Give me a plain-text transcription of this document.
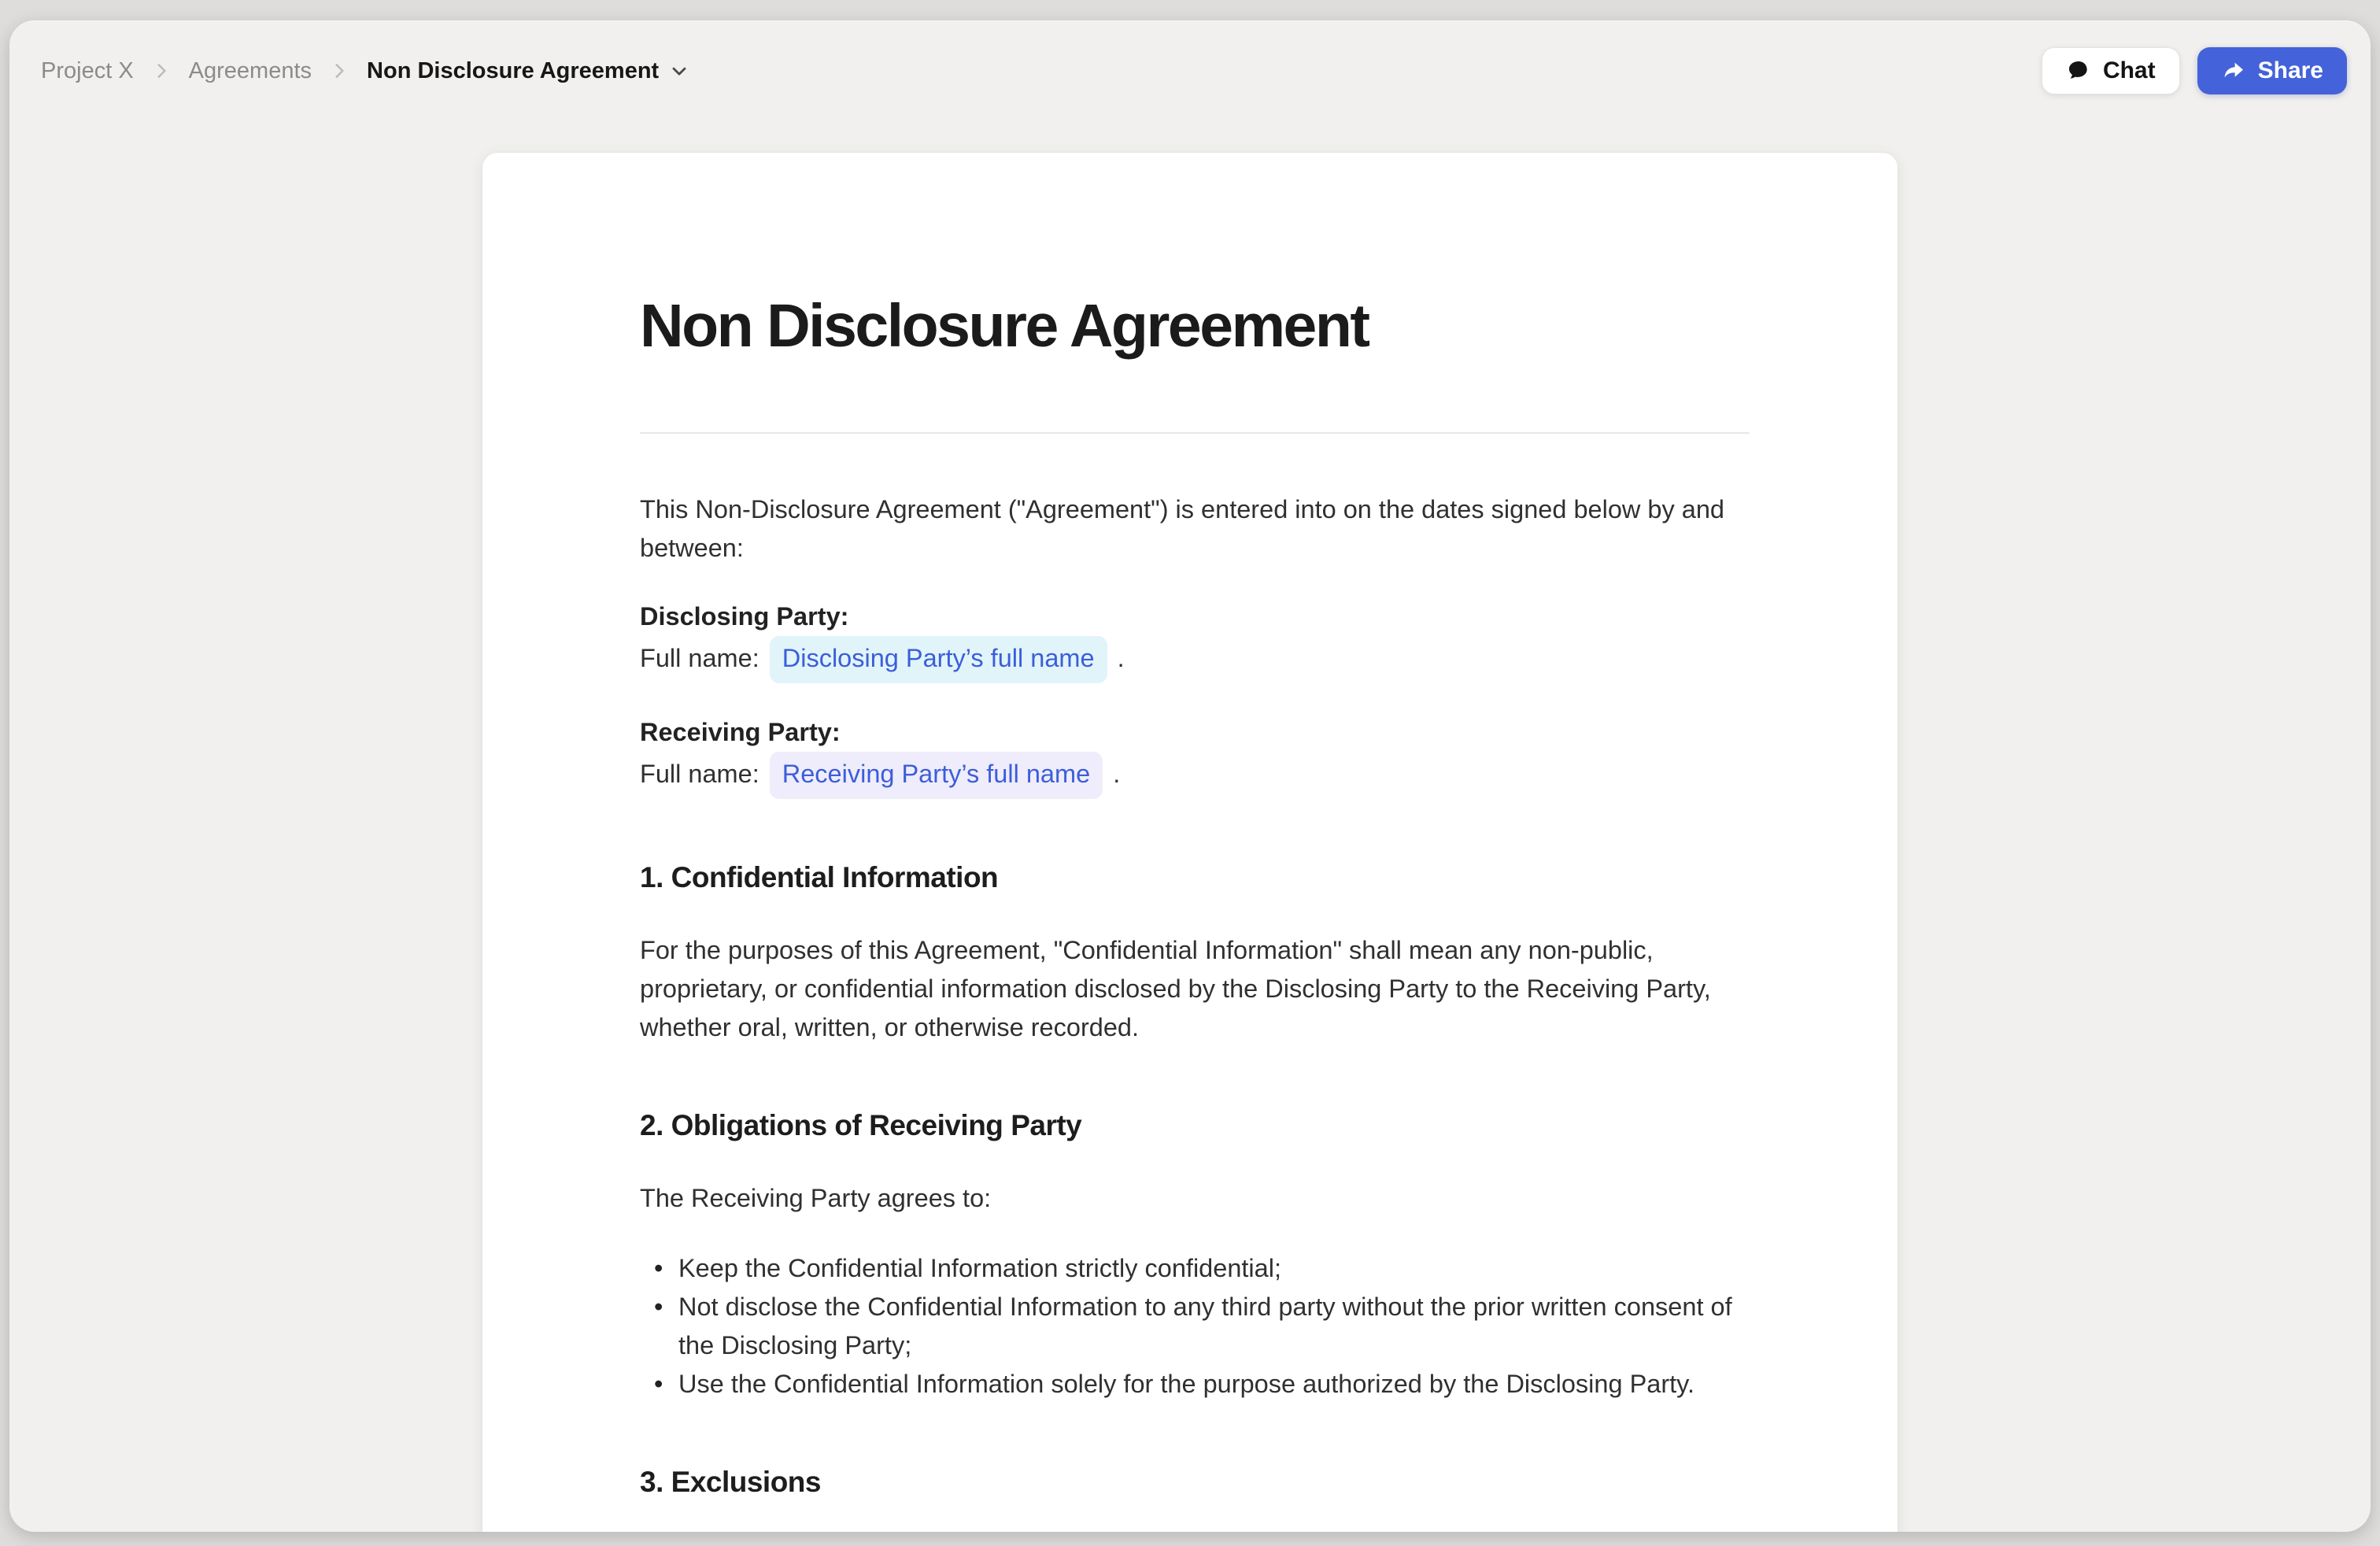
Project X Agreements Non Disclosure Agreement	Chat	Share
Non Disclosure Agreement

This Non-Disclosure Agreement ("Agreement") is entered into on the dates signed below by and between:

Disclosing Party:
Full name: Disclosing Party’s full name .
Receiving Party:
Full name: Receiving Party’s full name .
1. Confidential Information

For the purposes of this Agreement, "Confidential Information" shall mean any non-public, proprietary, or confidential information disclosed by the Disclosing Party to the Receiving Party, whether oral, written, or otherwise recorded.

2. Obligations of Receiving Party

The Receiving Party agrees to:

• Keep the Confidential Information strictly confidential;
• Not disclose the Confidential Information to any third party without the prior written consent of the Disclosing Party;
• Use the Confidential Information solely for the purpose authorized by the Disclosing Party.
3. Exclusions
